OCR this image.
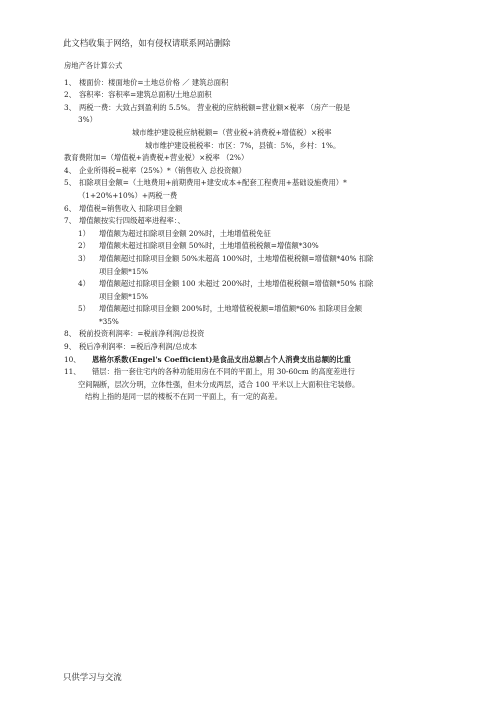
此文档收集于网络，如有侵权请联系网站删除
房地产各计算公式
1、 楼面价：楼面地价=土地总价格 ／ 建筑总面积
2、 容积率：容积率=建筑总面积/土地总面积
3、 两税一费：大致占到盈利的 5.5%。 营业税的应纳税额=营业额×税率 （房产一般是
3%）
城市维护建设税应纳税额=（营业税+消费税+增值税）×税率
城市维护建设税税率：市区：7%，县镇：5%，乡村：1%。
教育费附加=（增值税+消费税+营业税）×税率 （2%）
4、 企业所得税=税率（25%）*（销售收入 总投资额）
5、 扣除项目金额=（土地费用+前期费用+建安成本+配套工程费用+基础设施费用）*
（1+20%+10%）+两税一费
6、 增值税=销售收入 扣除项目金额
7、 增值额按实行四级超率进程率：、
1） 增值额为超过扣除项目金额 20%时，土地增值税免征
2） 增值额未超过扣除项目金额 50%时，土地增值税税额=增值额*30%
3） 增值额超过扣除项目金额 50%未超高 100%时，土地增值税税额=增值额*40% 扣除
项目金额*15%
4） 增值额超过扣除项目金额 100 未超过 200%时，土地增值税税额=增值额*50% 扣除
项目金额*15%
5） 增值额超过扣除项目金额 200%时，土地增值税税额=增值额*60% 扣除项目金额
*35%
8、 税前投资利润率：=税前净利润/总投资
9、 税后净利润率：=税后净利润/总成本
10、 恩格尔系数(Engel's Coefficient)是食品支出总额占个人消费支出总额的比重
11、 错层：指一套住宅内的各种功能用房在不同的平面上，用 30-60cm 的高度差进行
空间隔断，层次分明，立体性强，但未分成两层，适合 100 平米以上大面积住宅装修。
结构上指的是同一层的楼板不在同一平面上，有一定的高差。
只供学习与交流
